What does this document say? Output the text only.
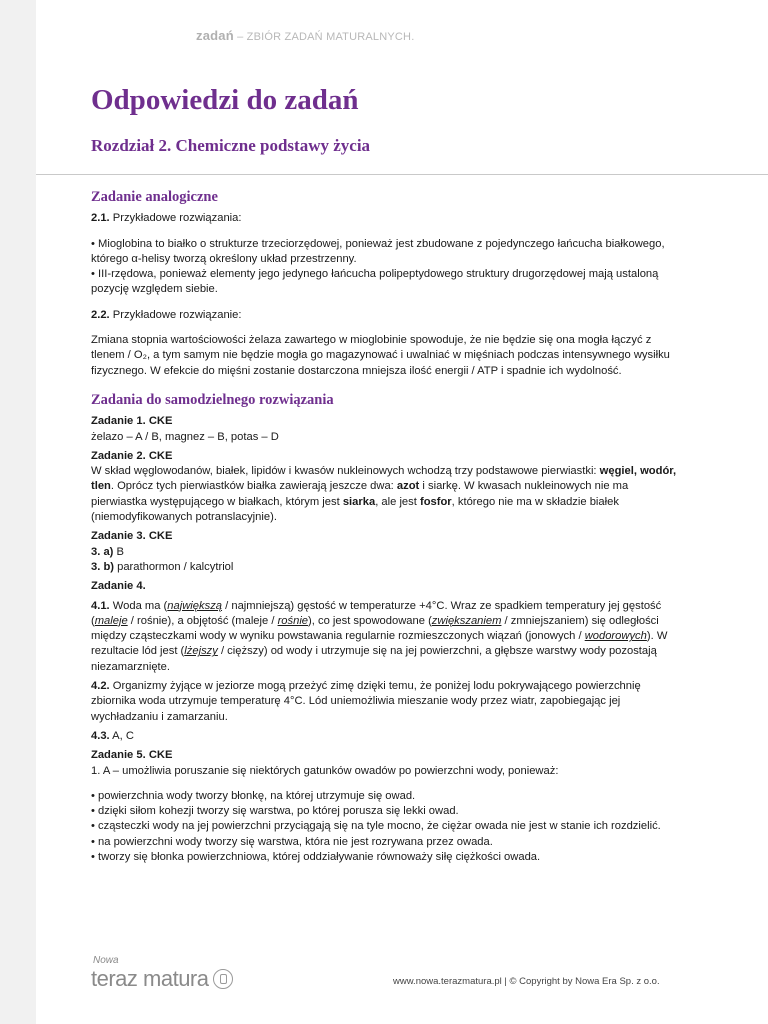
zadań – ZBIÓR ZADAŃ MATURALNYCH.
Odpowiedzi do zadań
Rozdział 2. Chemiczne podstawy życia
Zadanie analogiczne

2.1. Przykładowe rozwiązania:

• Mioglobina to białko o strukturze trzeciorzędowej, ponieważ jest zbudowane z pojedynczego łańcucha białkowego, którego α-helisy tworzą określony układ przestrzenny.

• III-rzędowa, ponieważ elementy jego jedynego łańcucha polipeptydowego struktury drugorzędowej mają ustaloną pozycję względem siebie.

2.2. Przykładowe rozwiązanie:

Zmiana stopnia wartościowości żelaza zawartego w mioglobinie spowoduje, że nie będzie się ona mogła łączyć z tlenem / O₂, a tym samym nie będzie mogła go magazynować i uwalniać w mięśniach podczas intensywnego wysiłku fizycznego. W efekcie do mięśni zostanie dostarczona mniejsza ilość energii / ATP i spadnie ich wydolność.

Zadania do samodzielnego rozwiązania

Zadanie 1. CKE

żelazo – A / B, magnez – B, potas – D

Zadanie 2. CKE

W skład węglowodanów, białek, lipidów i kwasów nukleinowych wchodzą trzy podstawowe pierwiastki: węgiel, wodór, tlen. Oprócz tych pierwiastków białka zawierają jeszcze dwa: azot i siarkę. W kwasach nukleinowych nie ma pierwiastka występującego w białkach, którym jest siarka, ale jest fosfor, którego nie ma w składzie białek (niemodyfikowanych potranslacyjnie).

Zadanie 3. CKE

3. a) B

3. b) parathormon / kalcytriol

Zadanie 4.

4.1. Woda ma (największą / najmniejszą) gęstość w temperaturze +4°C. Wraz ze spadkiem temperatury jej gęstość (maleje / rośnie), a objętość (maleje / rośnie), co jest spowodowane (zwiększaniem / zmniejszaniem) się odległości między cząsteczkami wody w wyniku powstawania regularnie rozmieszczonych wiązań (jonowych / wodorowych). W rezultacie lód jest (lżejszy / cięższy) od wody i utrzymuje się na jej powierzchni, a głębsze warstwy wody pozostają niezamarznięte.

4.2. Organizmy żyjące w jeziorze mogą przeżyć zimę dzięki temu, że poniżej lodu pokrywającego powierzchnię zbiornika woda utrzymuje temperaturę 4°C. Lód uniemożliwia mieszanie wody przez wiatr, zapobiegając jej wychładzaniu i zamarzaniu.

4.3. A, C

Zadanie 5. CKE

1. A – umożliwia poruszanie się niektórych gatunków owadów po powierzchni wody, ponieważ:

• powierzchnia wody tworzy błonkę, na której utrzymuje się owad.

• dzięki siłom kohezji tworzy się warstwa, po której porusza się lekki owad.

• cząsteczki wody na jej powierzchni przyciągają się na tyle mocno, że ciężar owada nie jest w stanie ich rozdzielić.

• na powierzchni wody tworzy się warstwa, która nie jest rozrywana przez owada.

• tworzy się błonka powierzchniowa, której oddziaływanie równoważy siłę ciężkości owada.

Nowa
teraz matura	www.nowa.terazmatura.pl | © Copyright by Nowa Era Sp. z o.o.
